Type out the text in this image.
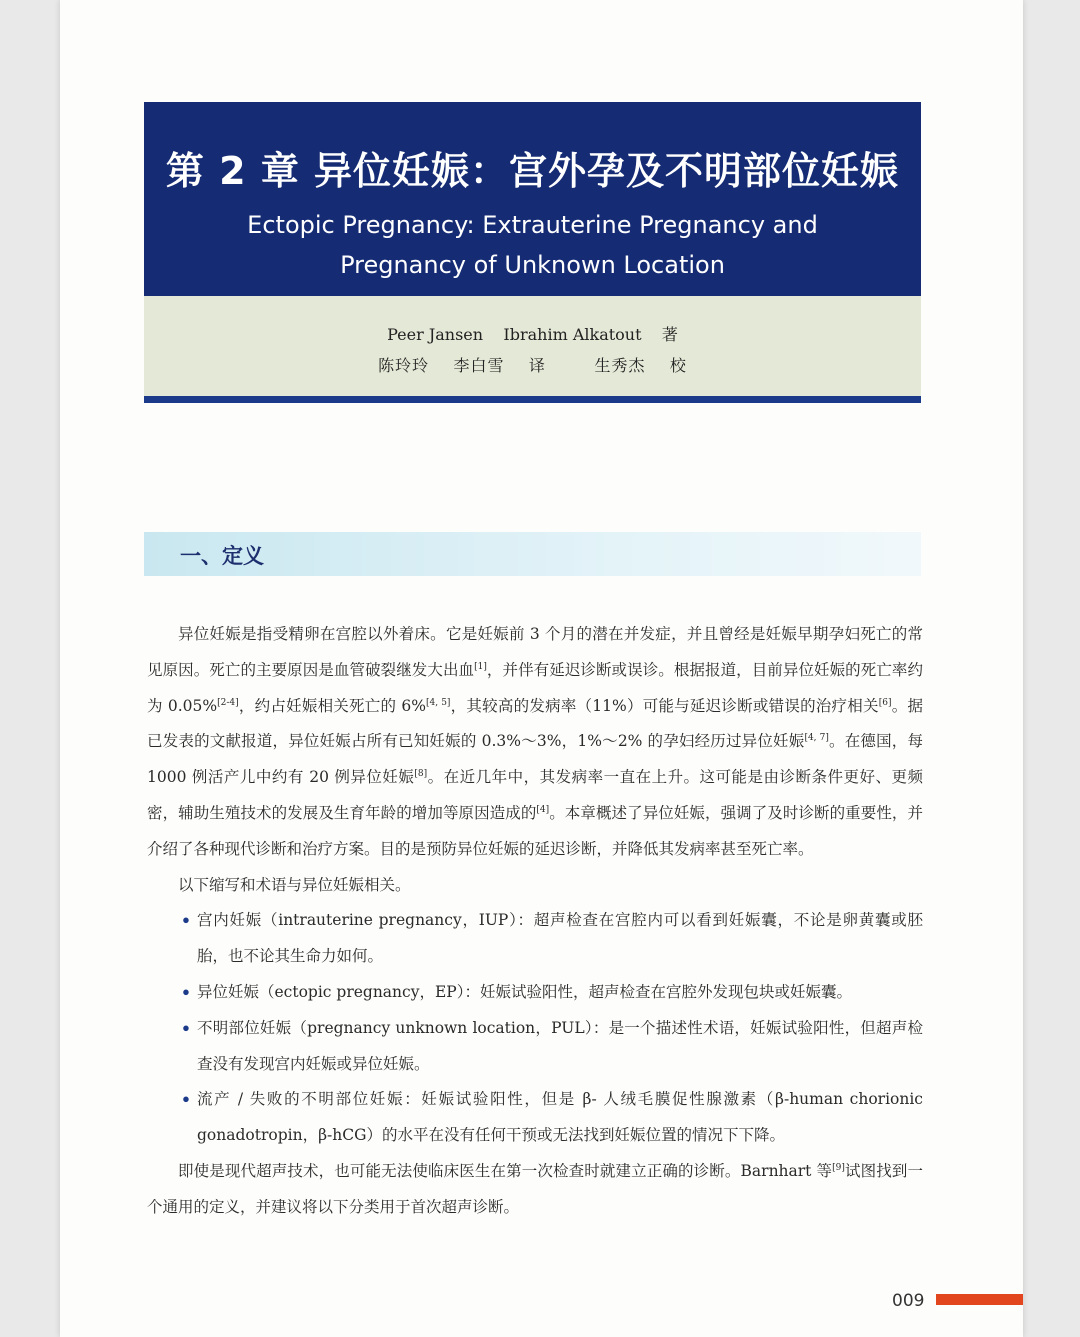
第 2 章 异位妊娠：宫外孕及不明部位妊娠
Ectopic Pregnancy: Extrauterine Pregnancy and
Pregnancy of Unknown Location
Peer Jansen    Ibrahim Alkatout    著
陈玲玲    李白雪    译        生秀杰    校
一、定义

异位妊娠是指受精卵在宫腔以外着床。它是妊娠前 3 个月的潜在并发症，并且曾经是妊娠早期孕妇死亡的常见原因。死亡的主要原因是血管破裂继发大出血[1]，并伴有延迟诊断或误诊。根据报道，目前异位妊娠的死亡率约为 0.05%[2-4]，约占妊娠相关死亡的 6%[4, 5]，其较高的发病率（11%）可能与延迟诊断或错误的治疗相关[6]。据已发表的文献报道，异位妊娠占所有已知妊娠的 0.3%～3%，1%～2% 的孕妇经历过异位妊娠[4, 7]。在德国，每 1000 例活产儿中约有 20 例异位妊娠[8]。在近几年中，其发病率一直在上升。这可能是由诊断条件更好、更频密，辅助生殖技术的发展及生育年龄的增加等原因造成的[4]。本章概述了异位妊娠，强调了及时诊断的重要性，并介绍了各种现代诊断和治疗方案。目的是预防异位妊娠的延迟诊断，并降低其发病率甚至死亡率。

以下缩写和术语与异位妊娠相关。

• 宫内妊娠（intrauterine pregnancy，IUP）：超声检查在宫腔内可以看到妊娠囊，不论是卵黄囊或胚胎，也不论其生命力如何。
• 异位妊娠（ectopic pregnancy，EP）：妊娠试验阳性，超声检查在宫腔外发现包块或妊娠囊。
• 不明部位妊娠（pregnancy unknown location，PUL）：是一个描述性术语，妊娠试验阳性，但超声检查没有发现宫内妊娠或异位妊娠。
• 流产 / 失败的不明部位妊娠：妊娠试验阳性，但是 β- 人绒毛膜促性腺激素（β-human chorionic gonadotropin，β-hCG）的水平在没有任何干预或无法找到妊娠位置的情况下下降。

即使是现代超声技术，也可能无法使临床医生在第一次检查时就建立正确的诊断。Barnhart 等[9]试图找到一个通用的定义，并建议将以下分类用于首次超声诊断。

009
